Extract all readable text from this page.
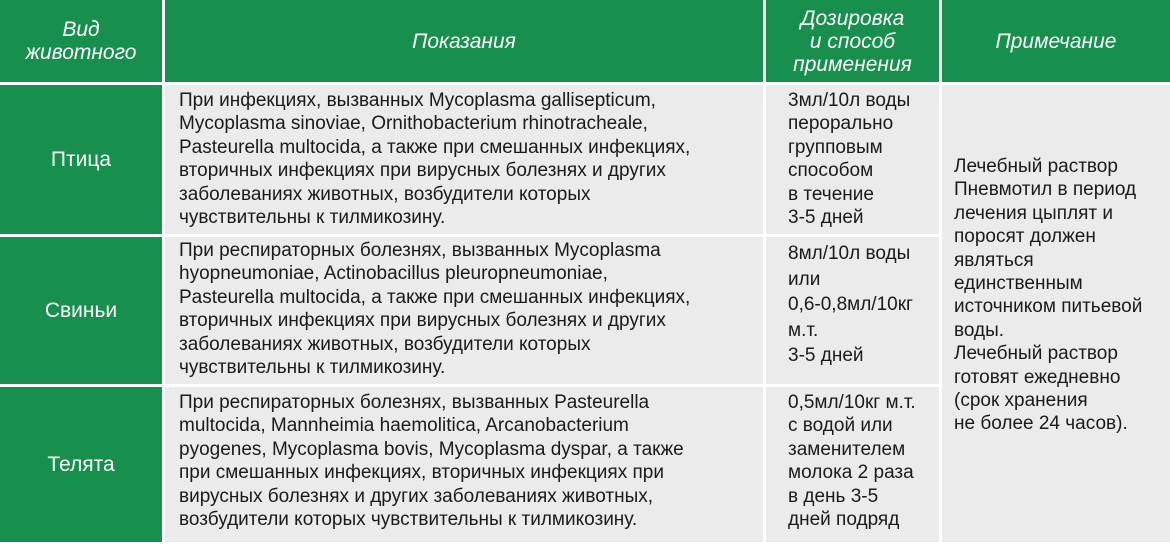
Вид
животного	Показания
Дозировка
и способ
применения
Примечание
Птица
При инфекциях, вызванных Mycoplasma gallisepticum,
Mycoplasma sinoviae, Ornithobacterium rhinotracheale,
Pasteurella multocida, а также при смешанных инфекциях,
вторичных инфекциях при вирусных болезнях и других
заболеваниях животных, возбудители которых
чувствительны к тилмикозину.
3мл/10л воды
перорально
групповым
способом
в течение
3-5 дней
Свиньи
При респираторных болезнях, вызванных Mycoplasma
hyopneumoniae, Actinobacillus pleuropneumoniae,
Pasteurella multocida, а также при смешанных инфекциях,
вторичных инфекциях при вирусных болезнях и других
заболеваниях животных, возбудители которых
чувствительны к тилмикозину.
8мл/10л воды
или
0,6-0,8мл/10кг
м.т.
3-5 дней
Телята
При респираторных болезнях, вызванных Pasteurella
multocida, Mannheimia haemolitica, Arcanobacterium
pyogenes, Mycoplasma bovis, Mycoplasma dyspar, а также
при смешанных инфекциях, вторичных инфекциях при
вирусных болезнях и других заболеваниях животных,
возбудители которых чувствительны к тилмикозину.
0,5мл/10кг м.т.
с водой или
заменителем
молока 2 раза
в день 3-5
дней подряд
Лечебный раствор
Пневмотил в период
лечения цыплят и
поросят должен
являться
единственным
источником питьевой
воды.
Лечебный раствор
готовят ежедневно
(срок хранения
не более 24 часов).
